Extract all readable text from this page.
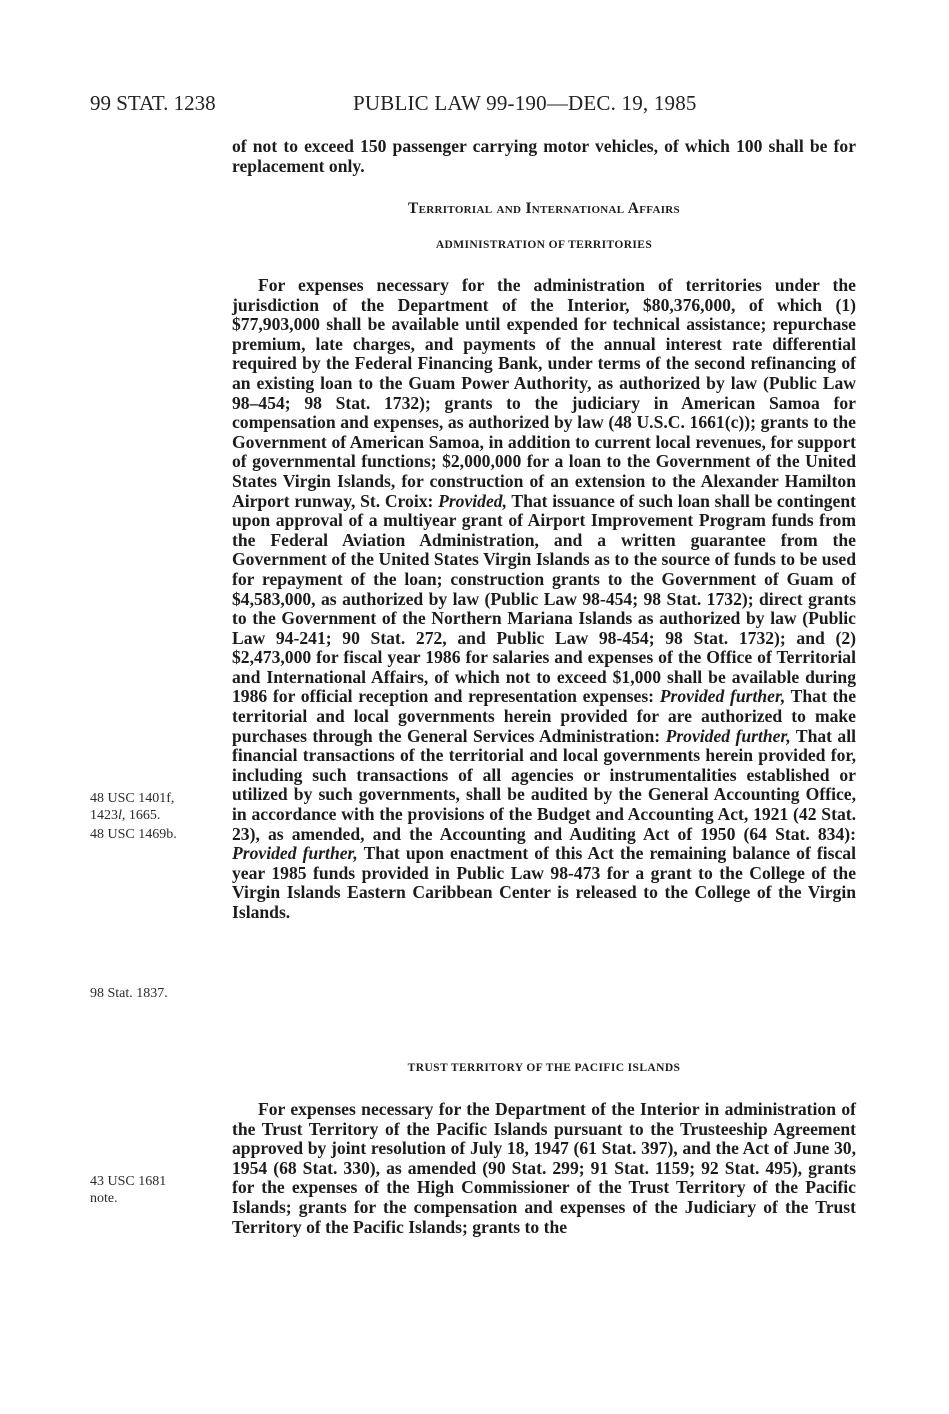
99 STAT. 1238	PUBLIC LAW 99-190—DEC. 19, 1985
of not to exceed 150 passenger carrying motor vehicles, of which 100 shall be for replacement only.
Territorial and International Affairs
ADMINISTRATION OF TERRITORIES
For expenses necessary for the administration of territories under the jurisdiction of the Department of the Interior, $80,376,000, of which (1) $77,903,000 shall be available until expended for technical assistance; repurchase premium, late charges, and payments of the annual interest rate differential required by the Federal Financing Bank, under terms of the second refinancing of an existing loan to the Guam Power Authority, as authorized by law (Public Law 98–454; 98 Stat. 1732); grants to the judiciary in American Samoa for compensation and expenses, as authorized by law (48 U.S.C. 1661(c)); grants to the Government of American Samoa, in addition to current local revenues, for support of governmental functions; $2,000,000 for a loan to the Government of the United States Virgin Islands, for construction of an extension to the Alexander Hamilton Airport runway, St. Croix: Provided, That issuance of such loan shall be contingent upon approval of a multiyear grant of Airport Improvement Program funds from the Federal Aviation Administration, and a written guarantee from the Government of the United States Virgin Islands as to the source of funds to be used for repayment of the loan; construction grants to the Government of Guam of $4,583,000, as authorized by law (Public Law 98-454; 98 Stat. 1732); direct grants to the Government of the Northern Mariana Islands as authorized by law (Public Law 94-241; 90 Stat. 272, and Public Law 98-454; 98 Stat. 1732); and (2) $2,473,000 for fiscal year 1986 for salaries and expenses of the Office of Territorial and International Affairs, of which not to exceed $1,000 shall be available during 1986 for official reception and representation expenses: Provided further, That the territorial and local governments herein provided for are authorized to make purchases through the General Services Administration: Provided further, That all financial transactions of the territorial and local governments herein provided for, including such transactions of all agencies or instrumentalities established or utilized by such governments, shall be audited by the General Accounting Office, in accordance with the provisions of the Budget and Accounting Act, 1921 (42 Stat. 23), as amended, and the Accounting and Auditing Act of 1950 (64 Stat. 834): Provided further, That upon enactment of this Act the remaining balance of fiscal year 1985 funds provided in Public Law 98-473 for a grant to the College of the Virgin Islands Eastern Caribbean Center is released to the College of the Virgin Islands.
TRUST TERRITORY OF THE PACIFIC ISLANDS
For expenses necessary for the Department of the Interior in administration of the Trust Territory of the Pacific Islands pursuant to the Trusteeship Agreement approved by joint resolution of July 18, 1947 (61 Stat. 397), and the Act of June 30, 1954 (68 Stat. 330), as amended (90 Stat. 299; 91 Stat. 1159; 92 Stat. 495), grants for the expenses of the High Commissioner of the Trust Territory of the Pacific Islands; grants for the compensation and expenses of the Judiciary of the Trust Territory of the Pacific Islands; grants to the
48 USC 1401f,
1423l, 1665.
48 USC 1469b.
98 Stat. 1837.
43 USC 1681
note.
